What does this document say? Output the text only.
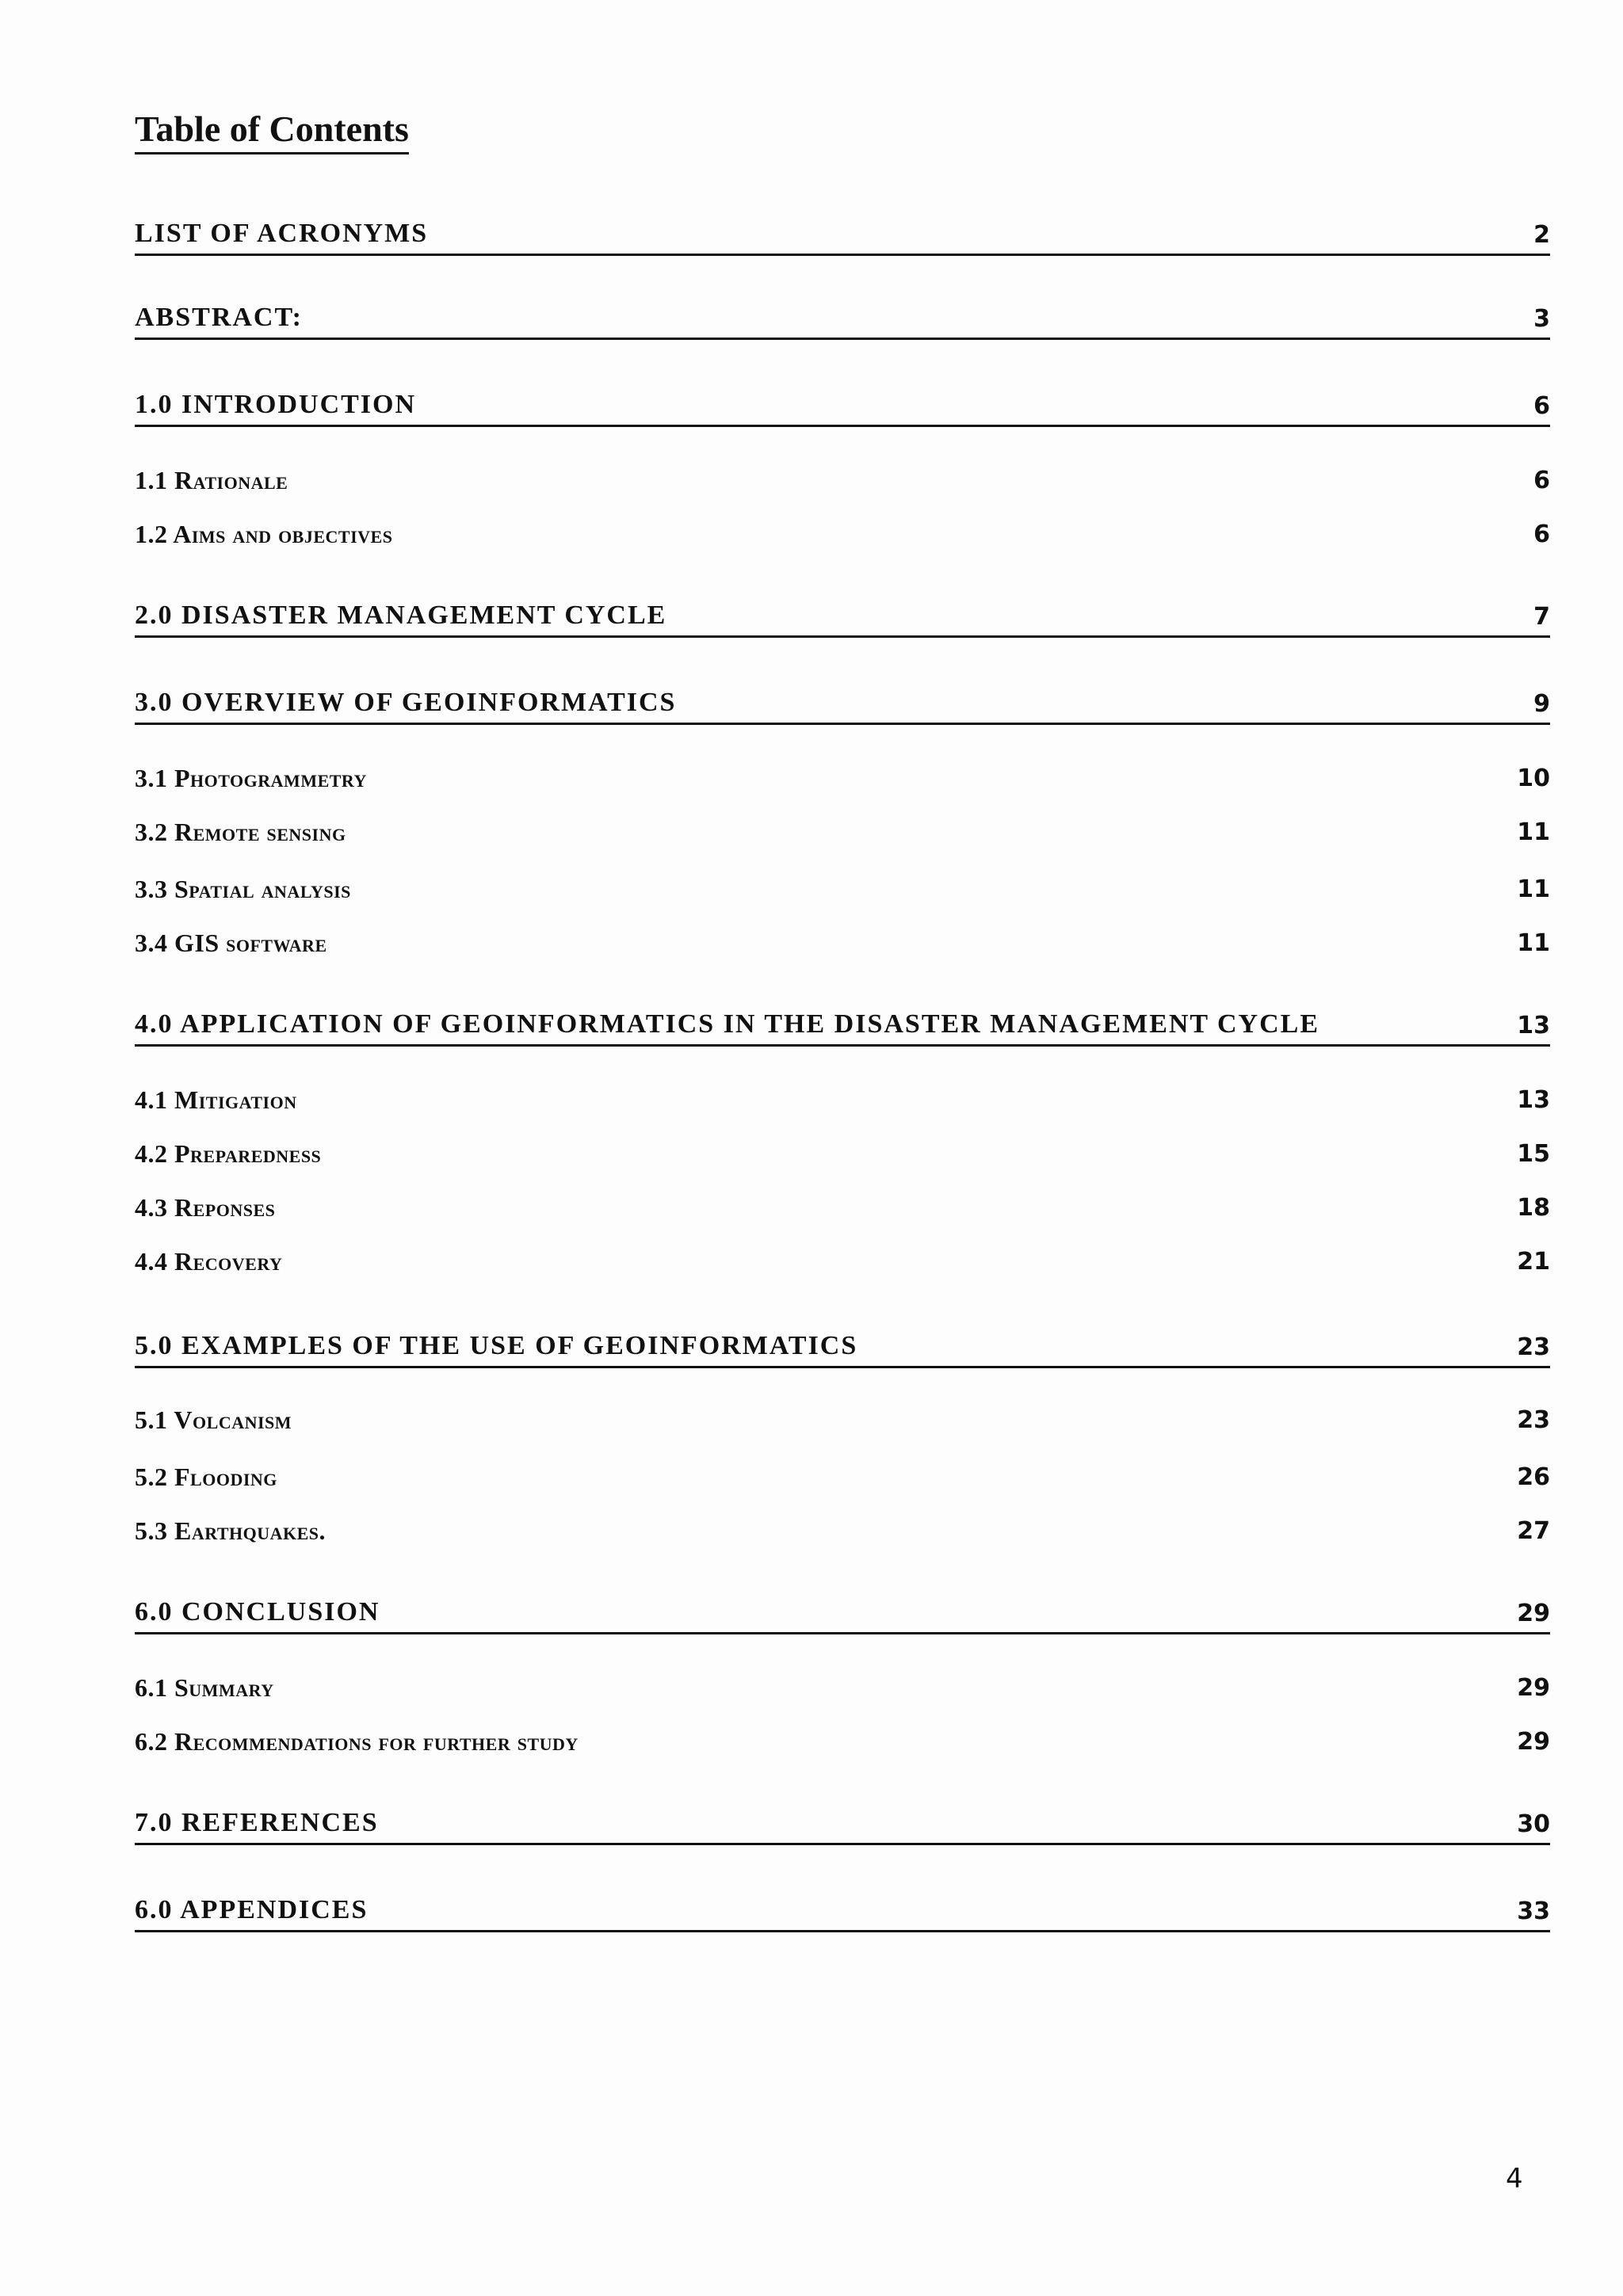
Table of Contents
LIST OF ACRONYMS	2
ABSTRACT:	3
1.0 INTRODUCTION	6
1.1 Rationale	6
1.2 Aims and objectives	6
2.0 DISASTER MANAGEMENT CYCLE	7
3.0 OVERVIEW OF GEOINFORMATICS	9
3.1 Photogrammetry	10
3.2 Remote sensing	11
3.3 Spatial analysis	11
3.4 GIS software	11
4.0 APPLICATION OF GEOINFORMATICS IN THE DISASTER MANAGEMENT CYCLE	13
4.1 Mitigation	13
4.2 Preparedness	15
4.3 Reponses	18
4.4 Recovery	21
5.0 EXAMPLES OF THE USE OF GEOINFORMATICS	23
5.1 Volcanism	23
5.2 Flooding	26
5.3 Earthquakes.	27
6.0 CONCLUSION	29
6.1 Summary	29
6.2 Recommendations for further study	29
7.0 REFERENCES	30
6.0 APPENDICES	33
4
